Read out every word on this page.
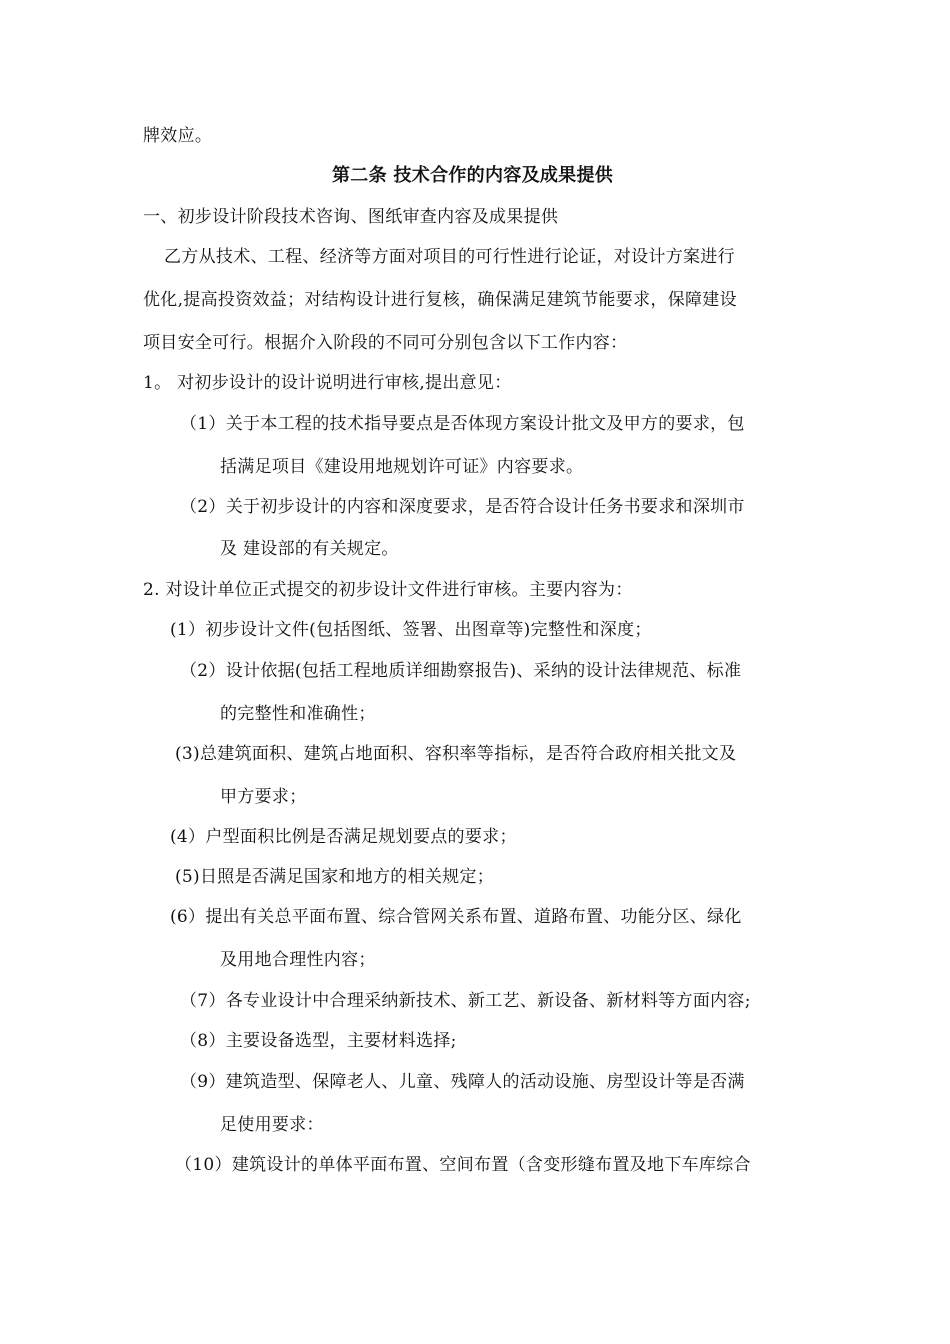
牌效应。
第二条 技术合作的内容及成果提供
一、初步设计阶段技术咨询、图纸审查内容及成果提供
乙方从技术、工程、经济等方面对项目的可行性进行论证，对设计方案进行
优化,提高投资效益；对结构设计进行复核，确保满足建筑节能要求，保障建设
项目安全可行。根据介入阶段的不同可分别包含以下工作内容：
1。 对初步设计的设计说明进行审核,提出意见：
（1）关于本工程的技术指导要点是否体现方案设计批文及甲方的要求，包
括满足项目《建设用地规划许可证》内容要求。
（2）关于初步设计的内容和深度要求，是否符合设计任务书要求和深圳市
及 建设部的有关规定。
2. 对设计单位正式提交的初步设计文件进行审核。主要内容为：
(1）初步设计文件(包括图纸、签署、出图章等)完整性和深度；
（2）设计依据(包括工程地质详细勘察报告)、采纳的设计法律规范、标准
的完整性和准确性；
(3)总建筑面积、建筑占地面积、容积率等指标，是否符合政府相关批文及
甲方要求；
(4）户型面积比例是否满足规划要点的要求；
(5)日照是否满足国家和地方的相关规定；
(6）提出有关总平面布置、综合管网关系布置、道路布置、功能分区、绿化
及用地合理性内容；
（7）各专业设计中合理采纳新技术、新工艺、新设备、新材料等方面内容;
（8）主要设备选型，主要材料选择;
（9）建筑造型、保障老人、儿童、残障人的活动设施、房型设计等是否满
足使用要求：
（10）建筑设计的单体平面布置、空间布置（含变形缝布置及地下车库综合
